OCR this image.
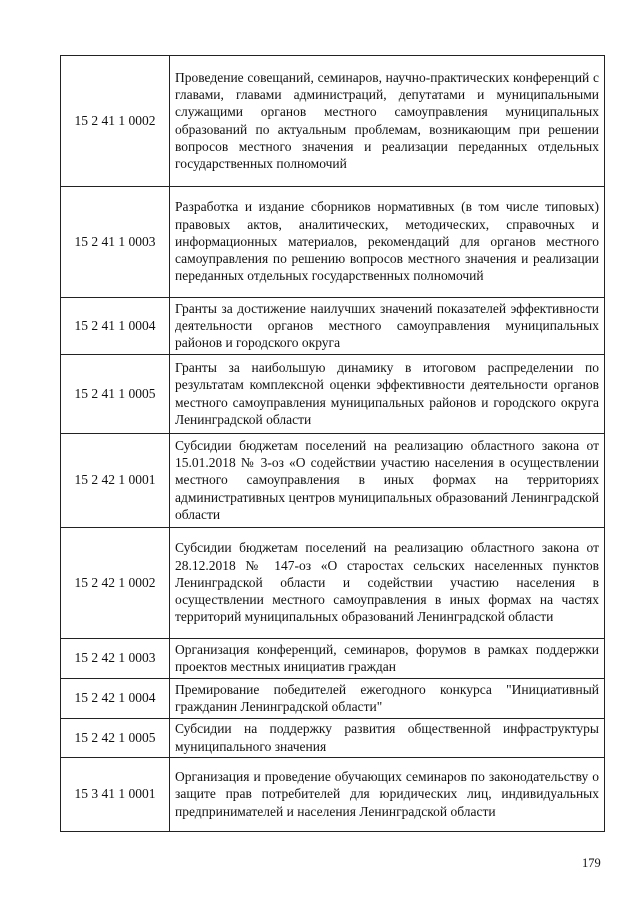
15 2 41 1 0002	Проведение совещаний, семинаров, научно-практических конференций с главами, главами администраций, депутатами и муниципальными служащими органов местного самоуправления муниципальных образований по актуальным проблемам, возникающим при решении вопросов местного значения и реализации переданных отдельных государственных полномочий
15 2 41 1 0003	Разработка и издание сборников нормативных (в том числе типовых) правовых актов, аналитических, методических, справочных и информационных материалов, рекомендаций для органов местного самоуправления по решению вопросов местного значения и реализации переданных отдельных государственных полномочий
15 2 41 1 0004	Гранты за достижение наилучших значений показателей эффективности деятельности органов местного самоуправления муниципальных районов и городского округа
15 2 41 1 0005	Гранты за наибольшую динамику в итоговом распределении по результатам комплексной оценки эффективности деятельности органов местного самоуправления муниципальных районов и городского округа Ленинградской области
15 2 42 1 0001	Субсидии бюджетам поселений на реализацию областного закона от 15.01.2018 № 3-оз «О содействии участию населения в осуществлении местного самоуправления в иных формах на территориях административных центров муниципальных образований Ленинградской области
15 2 42 1 0002	Субсидии бюджетам поселений на реализацию областного закона от 28.12.2018 № 147-оз «О старостах сельских населенных пунктов Ленинградской области и содействии участию населения в осуществлении местного самоуправления в иных формах на частях территорий муниципальных образований Ленинградской области
15 2 42 1 0003	Организация конференций, семинаров, форумов в рамках поддержки проектов местных инициатив граждан
15 2 42 1 0004	Премирование победителей ежегодного конкурса "Инициативный гражданин Ленинградской области"
15 2 42 1 0005	Субсидии на поддержку развития общественной инфраструктуры муниципального значения
15 3 41 1 0001	Организация и проведение обучающих семинаров по законодательству о защите прав потребителей для юридических лиц, индивидуальных предпринимателей и населения Ленинградской области
179
